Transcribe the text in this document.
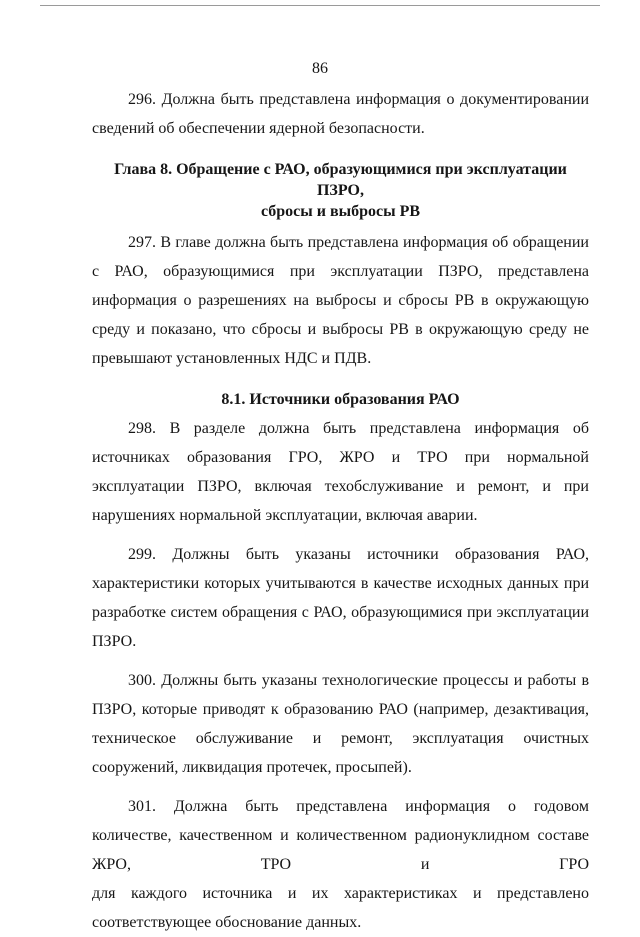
86

296. Должна быть представлена информация о документировании сведений об обеспечении ядерной безопасности.

Глава 8. Обращение с РАО, образующимися при эксплуатации ПЗРО,
сбросы и выбросы РВ

297. В главе должна быть представлена информация об обращении с РАО, образующимися при эксплуатации ПЗРО, представлена информация о разрешениях на выбросы и сбросы РВ в окружающую среду и показано, что сбросы и выбросы РВ в окружающую среду не превышают установленных НДС и ПДВ.

8.1. Источники образования РАО

298. В разделе должна быть представлена информация об источниках образования ГРО, ЖРО и ТРО при нормальной эксплуатации ПЗРО, включая техобслуживание и ремонт, и при нарушениях нормальной эксплуатации, включая аварии.

299. Должны быть указаны источники образования РАО,

характеристики которых учитываются в качестве исходных данных при разработке систем обращения с РАО, образующимися при эксплуатации ПЗРО.

300. Должны быть указаны технологические процессы и работы в ПЗРО, которые приводят к образованию РАО (например, дезактивация, техническое обслуживание и ремонт, эксплуатация очистных сооружений, ликвидация протечек, просыпей).

301. Должна быть представлена информация о годовом количестве, качественном и количественном радионуклидном составе ЖРО, ТРО и ГРО

для каждого источника и их характеристиках и представлено

соответствующее обоснование данных.
